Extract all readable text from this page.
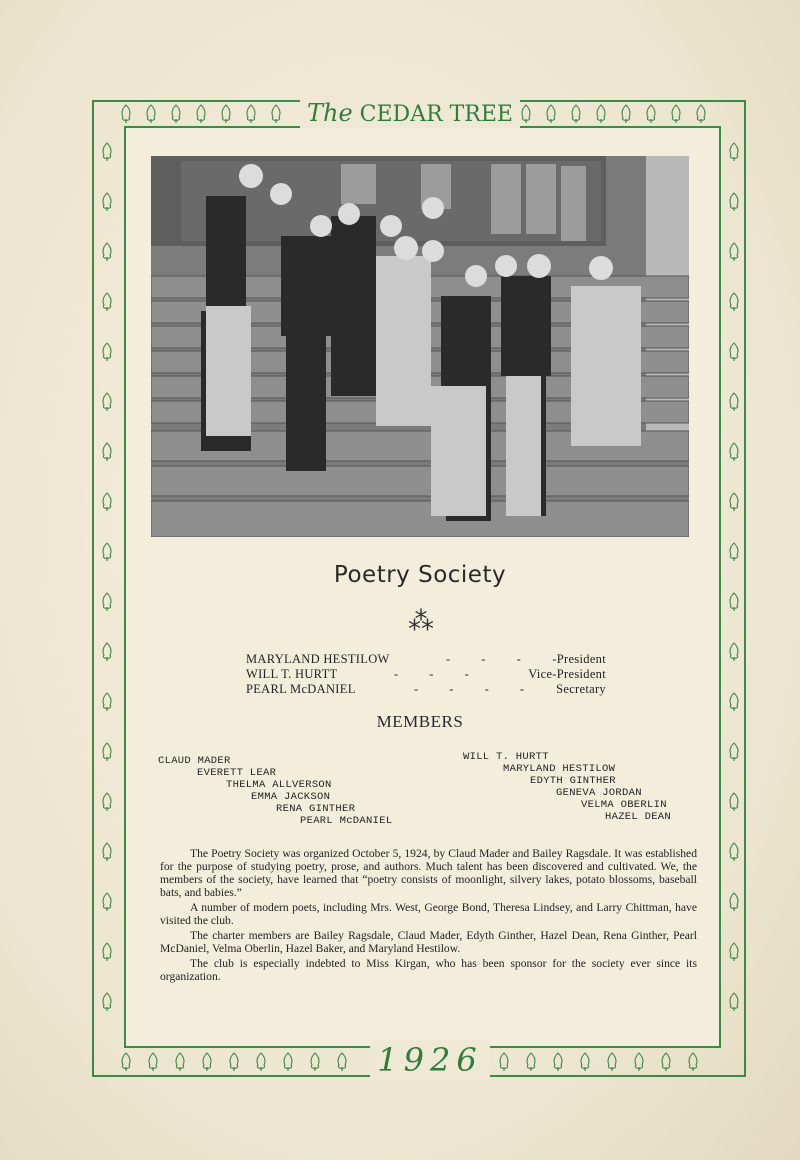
The CEDAR TREE
Poetry Society
⁂
MARYLAND HESTILOW	- - - -President
WILL T. HURTT	- - -	Vice-President
PEARL McDANIEL	- - - - Secretary
MEMBERS
CLAUD MADER
EVERETT LEAR
THELMA ALLVERSON
EMMA JACKSON
RENA GINTHER
PEARL McDANIEL
WILL T. HURTT
MARYLAND HESTILOW
EDYTH GINTHER
GENEVA JORDAN
VELMA OBERLIN
HAZEL DEAN

The Poetry Society was organized October 5, 1924, by Claud Mader and Bailey Ragsdale. It was established for the purpose of studying poetry, prose, and authors. Much talent has been discovered and cultivated. We, the members of the society, have learned that “poetry consists of moonlight, silvery lakes, potato blossoms, baseball bats, and babies.”

A number of modern poets, including Mrs. West, George Bond, Theresa Lindsey, and Larry Chittman, have visited the club.

The charter members are Bailey Ragsdale, Claud Mader, Edyth Ginther, Hazel Dean, Rena Ginther, Pearl McDaniel, Velma Oberlin, Hazel Baker, and Maryland Hestilow.

The club is especially indebted to Miss Kirgan, who has been sponsor for the society ever since its organization.

1926
